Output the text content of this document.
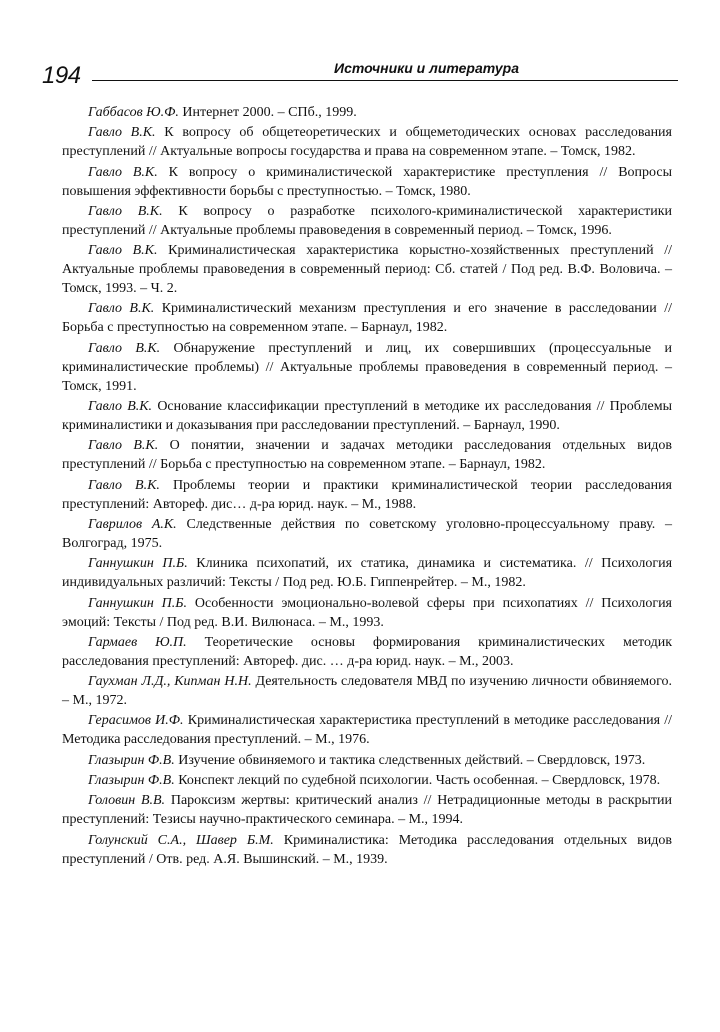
194	Источники и литература

Габбасов Ю.Ф. Интернет 2000. – СПб., 1999.

Гавло В.К. К вопросу об общетеоретических и общеметодических основах расследования преступлений // Актуальные вопросы государства и права на современном этапе. – Томск, 1982.

Гавло В.К. К вопросу о криминалистической характеристике преступления // Вопросы повышения эффективности борьбы с преступностью. – Томск, 1980.

Гавло В.К. К вопросу о разработке психолого-криминалистической характеристики преступлений // Актуальные проблемы правоведения в современный период. – Томск, 1996.

Гавло В.К. Криминалистическая характеристика корыстно-хозяйственных преступлений // Актуальные проблемы правоведения в современный период: Сб. статей / Под ред. В.Ф. Воловича. – Томск, 1993. – Ч. 2.

Гавло В.К. Криминалистический механизм преступления и его значение в расследовании // Борьба с преступностью на современном этапе. – Барнаул, 1982.

Гавло В.К. Обнаружение преступлений и лиц, их совершивших (процессуальные и криминалистические проблемы) // Актуальные проблемы правоведения в современный период. – Томск, 1991.

Гавло В.К. Основание классификации преступлений в методике их расследования // Проблемы криминалистики и доказывания при расследовании преступлений. – Барнаул, 1990.

Гавло В.К. О понятии, значении и задачах методики расследования отдельных видов преступлений // Борьба с преступностью на современном этапе. – Барнаул, 1982.

Гавло В.К. Проблемы теории и практики криминалистической теории расследования преступлений: Автореф. дис… д-ра юрид. наук. – М., 1988.

Гаврилов А.К. Следственные действия по советскому уголовно-процессуальному праву. – Волгоград, 1975.

Ганнушкин П.Б. Клиника психопатий, их статика, динамика и систематика. // Психология индивидуальных различий: Тексты / Под ред. Ю.Б. Гиппенрейтер. – М., 1982.

Ганнушкин П.Б. Особенности эмоционально-волевой сферы при психопатиях // Психология эмоций: Тексты / Под ред. В.И. Вилюнаса. – М., 1993.

Гармаев Ю.П. Теоретические основы формирования криминалистических методик расследования преступлений: Автореф. дис. … д-ра юрид. наук. – М., 2003.

Гаухман Л.Д., Кипман Н.Н. Деятельность следователя МВД по изучению личности обвиняемого. – М., 1972.

Герасимов И.Ф. Криминалистическая характеристика преступлений в методике расследования // Методика расследования преступлений. – М., 1976.

Глазырин Ф.В. Изучение обвиняемого и тактика следственных действий. – Свердловск, 1973.

Глазырин Ф.В. Конспект лекций по судебной психологии. Часть особенная. – Свердловск, 1978.

Головин В.В. Пароксизм жертвы: критический анализ // Нетрадиционные методы в раскрытии преступлений: Тезисы научно-практического семинара. – М., 1994.

Голунский С.А., Шавер Б.М. Криминалистика: Методика расследования отдельных видов преступлений / Отв. ред. А.Я. Вышинский. – М., 1939.
